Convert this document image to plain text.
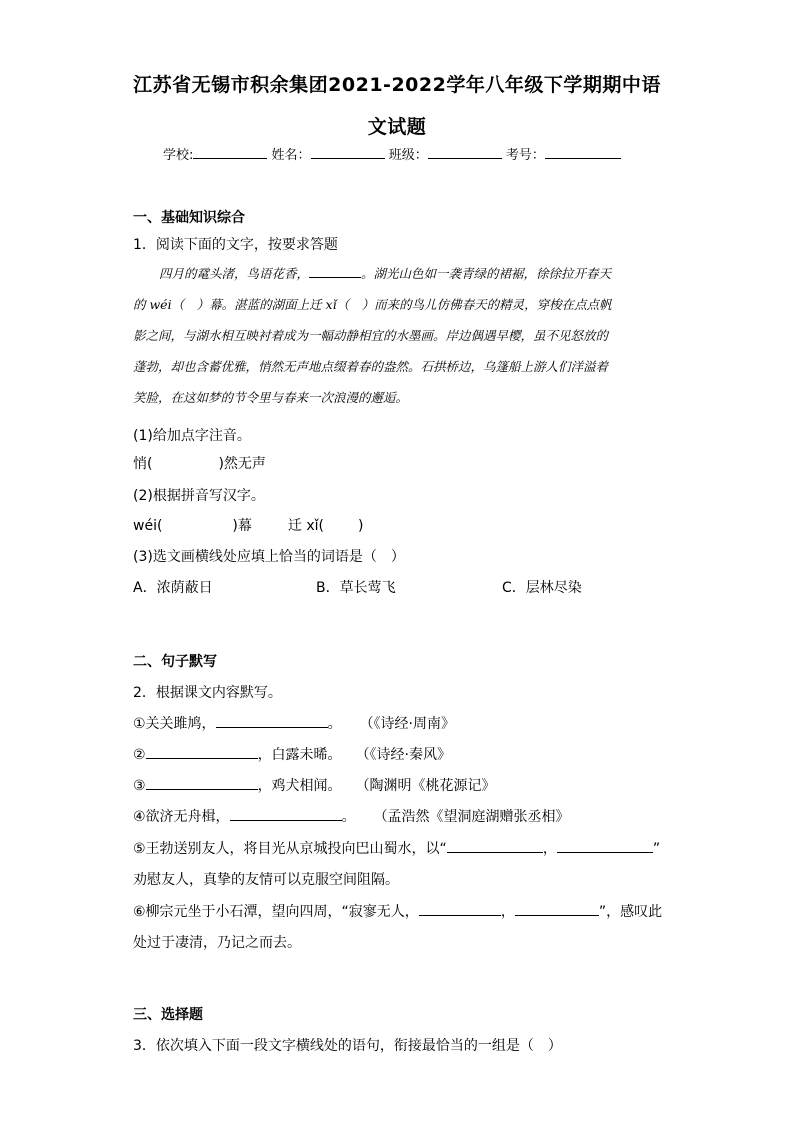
江苏省无锡市积余集团2021-2022学年八年级下学期期中语
文试题
学校:	姓名：	班级：	考号：
一、基础知识综合
1．阅读下面的文字，按要求答题
四月的鼋头渚，鸟语花香，	。湖光山色如一袭青绿的裙裾，徐徐拉开春天
的 wéi（　）幕。湛蓝的湖面上迁 xǐ（　）而来的鸟儿仿佛春天的精灵，穿梭在点点帆
影之间，与湖水相互映衬着成为一幅动静相宜的水墨画。岸边偶遇早樱，虽不见怒放的
蓬勃，却也含蓄优雅，悄然无声地点缀着春的盎然。石拱桥边，乌篷船上游人们洋溢着
笑脸，在这如梦的节令里与春来一次浪漫的邂逅。
(1)给加点字注音。
悄(	)然无声
(2)根据拼音写汉字。
wéi(	)幕	迁 xǐ( )
(3)选文画横线处应填上恰当的词语是（　）
A．浓荫蔽日	B．草长莺飞	C．层林尽染
二、句子默写
2．根据课文内容默写。
①关关雎鸠，	。 （《诗经·周南》
②	，白露未晞。 （《诗经·秦风》
③	，鸡犬相闻。 （陶渊明《桃花源记》
④欲济无舟楫，	。 （孟浩然《望洞庭湖赠张丞相》
⑤王勃送别友人，将目光从京城投向巴山蜀水，以“	，	”
劝慰友人，真挚的友情可以克服空间阻隔。
⑥柳宗元坐于小石潭，望向四周，“寂寥无人，	，	”，感叹此
处过于凄清，乃记之而去。
三、选择题
3．依次填入下面一段文字横线处的语句，衔接最恰当的一组是（　）
